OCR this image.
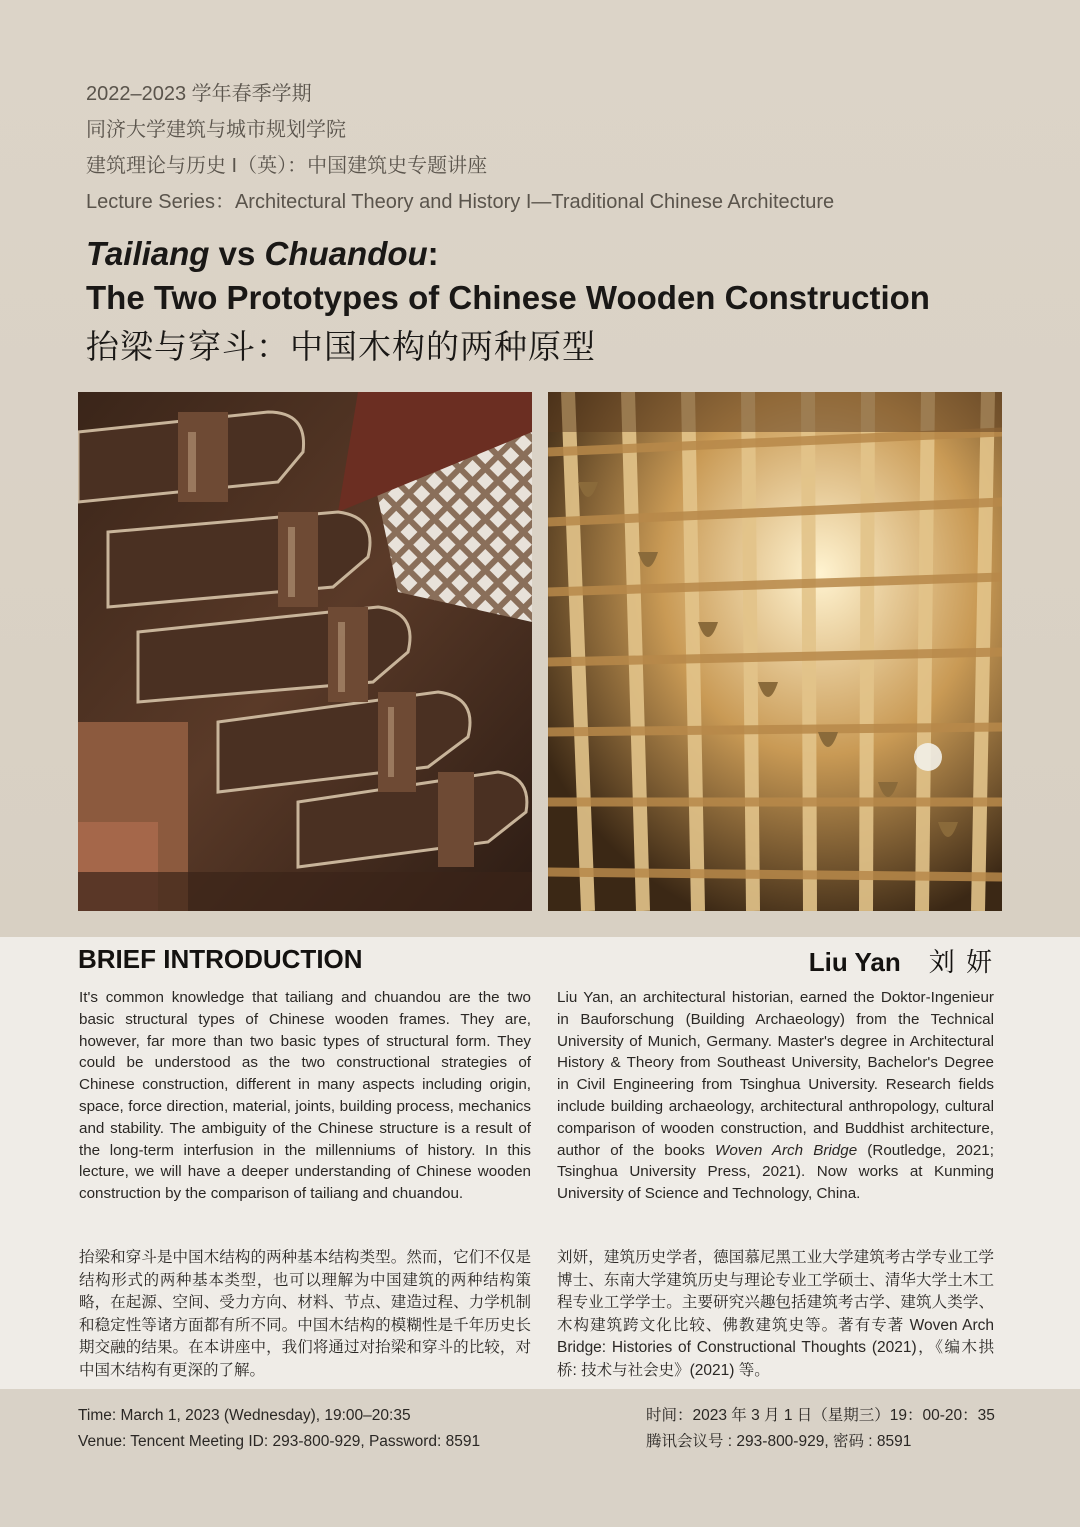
2022–2023 学年春季学期
同济大学建筑与城市规划学院
建筑理论与历史 I（英）：中国建筑史专题讲座
Lecture Series：Architectural Theory and History I—Traditional Chinese Architecture
Tailiang vs Chuandou:
The Two Prototypes of Chinese Wooden Construction
抬梁与穿斗：中国木构的两种原型
BRIEF INTRODUCTION	Liu Yan 刘 妍
It's common knowledge that tailiang and chuandou are the two basic structural types of Chinese wooden frames. They are, however, far more than two basic types of structural form. They could be understood as the two constructional strategies of Chinese construction, different in many aspects including origin, space, force direction, material, joints, building process, mechanics and stability. The ambiguity of the Chinese structure is a result of the long-term interfusion in the millenniums of history. In this lecture, we will have a deeper understanding of Chinese wooden construction by the comparison of tailiang and chuandou.
Liu Yan, an architectural historian, earned the Doktor-Ingenieur in Bauforschung (Building Archaeology) from the Technical University of Munich, Germany. Master's degree in Architectural History & Theory from Southeast University, Bachelor's Degree in Civil Engineering from Tsinghua University. Research fields include building archaeology, architectural anthropology, cultural comparison of wooden construction, and Buddhist architecture, author of the books Woven Arch Bridge (Routledge, 2021; Tsinghua University Press, 2021). Now works at Kunming University of Science and Technology, China.
抬梁和穿斗是中国木结构的两种基本结构类型。然而，它们不仅是结构形式的两种基本类型，也可以理解为中国建筑的两种结构策略，在起源、空间、受力方向、材料、节点、建造过程、力学机制和稳定性等诸方面都有所不同。中国木结构的模糊性是千年历史长期交融的结果。在本讲座中，我们将通过对抬梁和穿斗的比较，对中国木结构有更深的了解。
刘妍，建筑历史学者，德国慕尼黑工业大学建筑考古学专业工学博士、东南大学建筑历史与理论专业工学硕士、清华大学土木工程专业工学学士。主要研究兴趣包括建筑考古学、建筑人类学、木构建筑跨文化比较、佛教建筑史等。著有专著 Woven Arch Bridge: Histories of Constructional Thoughts (2021)，《编木拱桥: 技术与社会史》(2021) 等。
Time: March 1, 2023 (Wednesday), 19:00–20:35
Venue: Tencent Meeting ID: 293-800-929, Password: 8591
时间：2023 年 3 月 1 日（星期三）19：00-20：35
腾讯会议号 : 293-800-929, 密码 : 8591
